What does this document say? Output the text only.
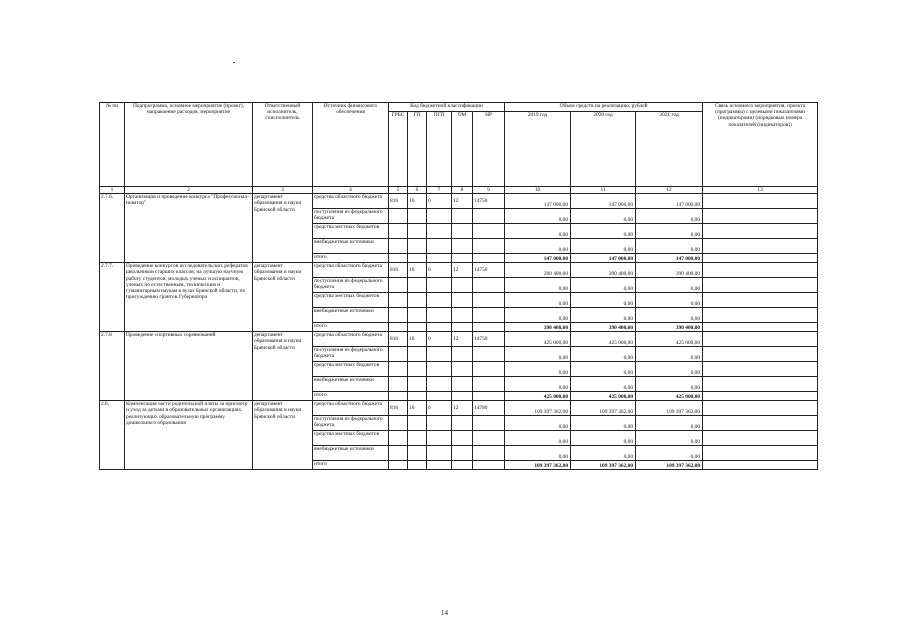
№ пп	Подпрограмма, основное мероприятие (проект), направление расходов, мероприятие	Ответственный исполнитель, соисполнитель	Источник финансового обеспечения	Код бюджетной классификации					Объем средств на реализацию, рублей			Связь основного мероприятия, проекта (программы) с целевыми показателями (индикаторами) (порядковые номера показателей (индикаторов))
				ГРБС	ГП	ПГП	ОМ	НР	2019 год	2020 год	2021 год	
1	2	3	4	5	6	7	8	9	10	11	12	13
2.7.6.	Организация и проведение конкурса "Профессионал-новатор"	департамент образования и науки Брянской области	средства областного бюджета	816	16	0	12	14750	147 000,00	147 000,00	147 000,00	
			поступления из федерального бюджета						0,00	0,00	0,00	
			средства местных бюджетов						0,00	0,00	0,00	
			внебюджетные источники						0,00	0,00	0,00	
			итого						147 000,00	147 000,00	147 000,00	
2.7.7.	Проведение конкурсов исследовательских рефератов школьников старших классов, на лучшую научную работу студентов, молодых ученых и аспирантов, ученых по естественным, техническим и гуманитарным наукам в вузах Брянской области, по присуждению грантов Губернатора	департамент образования и науки Брянской области	средства областного бюджета	816	16	0	12	14750	390 400,00	390 400,00	390 400,00	
			поступления из федерального бюджета						0,00	0,00	0,00	
			средства местных бюджетов						0,00	0,00	0,00	
			внебюджетные источники						0,00	0,00	0,00	
			итого						390 400,00	390 400,00	390 400,00	
2.7.8	Проведение спортивных соревнований	департамент образования и науки Брянской области	средства областного бюджета	816	16	0	12	14750	425 000,00	425 000,00	425 000,00	
			поступления из федерального бюджета						0,00	0,00	0,00	
			средства местных бюджетов						0,00	0,00	0,00	
			внебюджетные источники						0,00	0,00	0,00	
			итого						425 000,00	425 000,00	425 000,00	
2.8.	Компенсация части родительской платы за присмотр и уход за детьми в образовательных организациях, реализующих образовательную программу дошкольного образования	департамент образования и науки Брянской области	средства областного бюджета	816	16	0	12	14780	109 397 362,00	109 397 362,00	109 397 362,00	
			поступления из федерального бюджета						0,00	0,00	0,00	
			средства местных бюджетов						0,00	0,00	0,00	
			внебюджетные источники						0,00	0,00	0,00	
			итого						109 397 362,00	109 397 362,00	109 397 362,00	
14
